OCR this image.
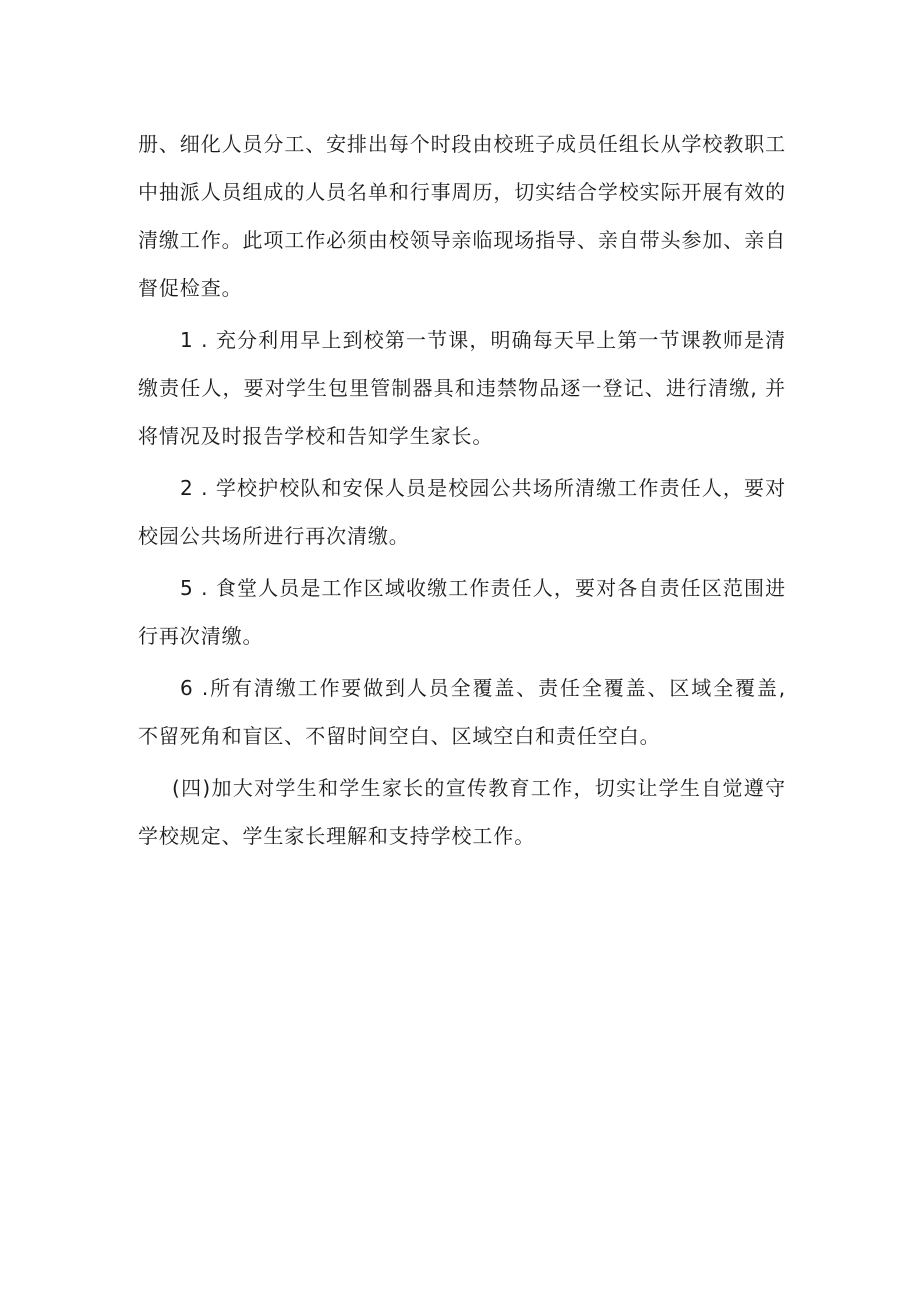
册、细化人员分工、安排出每个时段由校班子成员任组长从学校教职工中抽派人员组成的人员名单和行事周历，切实结合学校实际开展有效的清缴工作。此项工作必须由校领导亲临现场指导、亲自带头参加、亲自督促检查。

1 . 充分利用早上到校第一节课，明确每天早上第一节课教师是清缴责任人，要对学生包里管制器具和违禁物品逐一登记、进行清缴, 并将情况及时报告学校和告知学生家长。

2 . 学校护校队和安保人员是校园公共场所清缴工作责任人，要对校园公共场所进行再次清缴。

5 . 食堂人员是工作区域收缴工作责任人，要对各自责任区范围进行再次清缴。

6 .所有清缴工作要做到人员全覆盖、责任全覆盖、区域全覆盖, 不留死角和盲区、不留时间空白、区域空白和责任空白。

(四)加大对学生和学生家长的宣传教育工作，切实让学生自觉遵守学校规定、学生家长理解和支持学校工作。
